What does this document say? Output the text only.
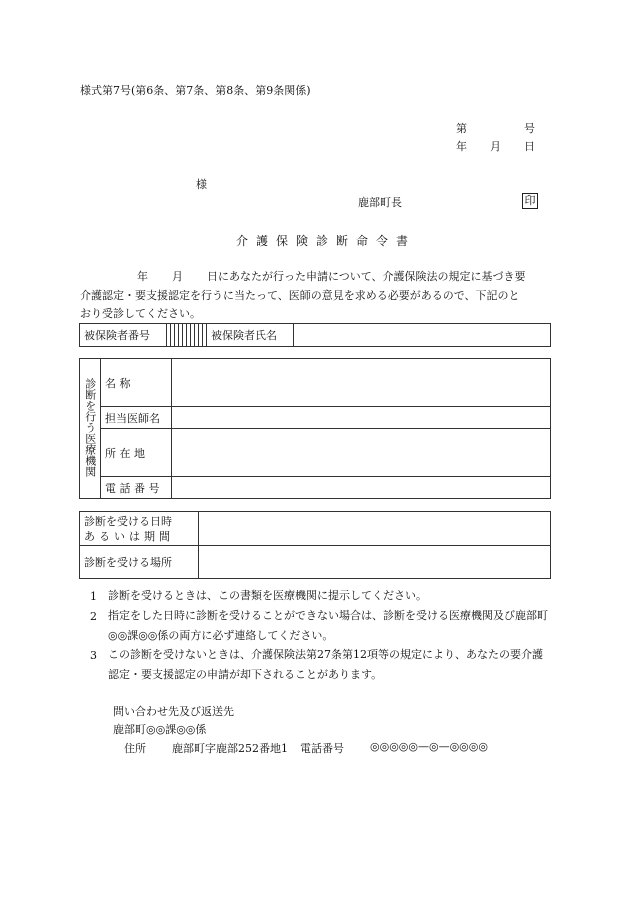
様式第7号(第6条、第7条、第8条、第9条関係)
第	号
年 月 日
様
鹿部町長	印
介護保険診断命令書
年 月 日にあなたが行った申請について、介護保険法の規定に基づき要
介護認定・要支援認定を行うに当たって、医師の意見を求める必要があるので、下記のと
おり受診してください。
被保険者番号											被保険者氏名	
診断を行う医療機関	名 称	
	担当医師名	
	所 在 地	
	電 話 番 号	
診断を受ける日時
あるいは期間	

診断を受ける場所	
1 診断を受けるときは、この書類を医療機関に提示してください。
2 指定をした日時に診断を受けることができない場合は、診断を受ける医療機関及び鹿部町◎◎課◎◎係の両方に必ず連絡してください。
3 この診断を受けないときは、介護保険法第27条第12項等の規定により、あなたの要介護認定・要支援認定の申請が却下されることがあります。
問い合わせ先及び返送先
鹿部町◎◎課◎◎係
住所 鹿部町字鹿部252番地1 電話番号 ◎◎◎◎◎—◎—◎◎◎◎
